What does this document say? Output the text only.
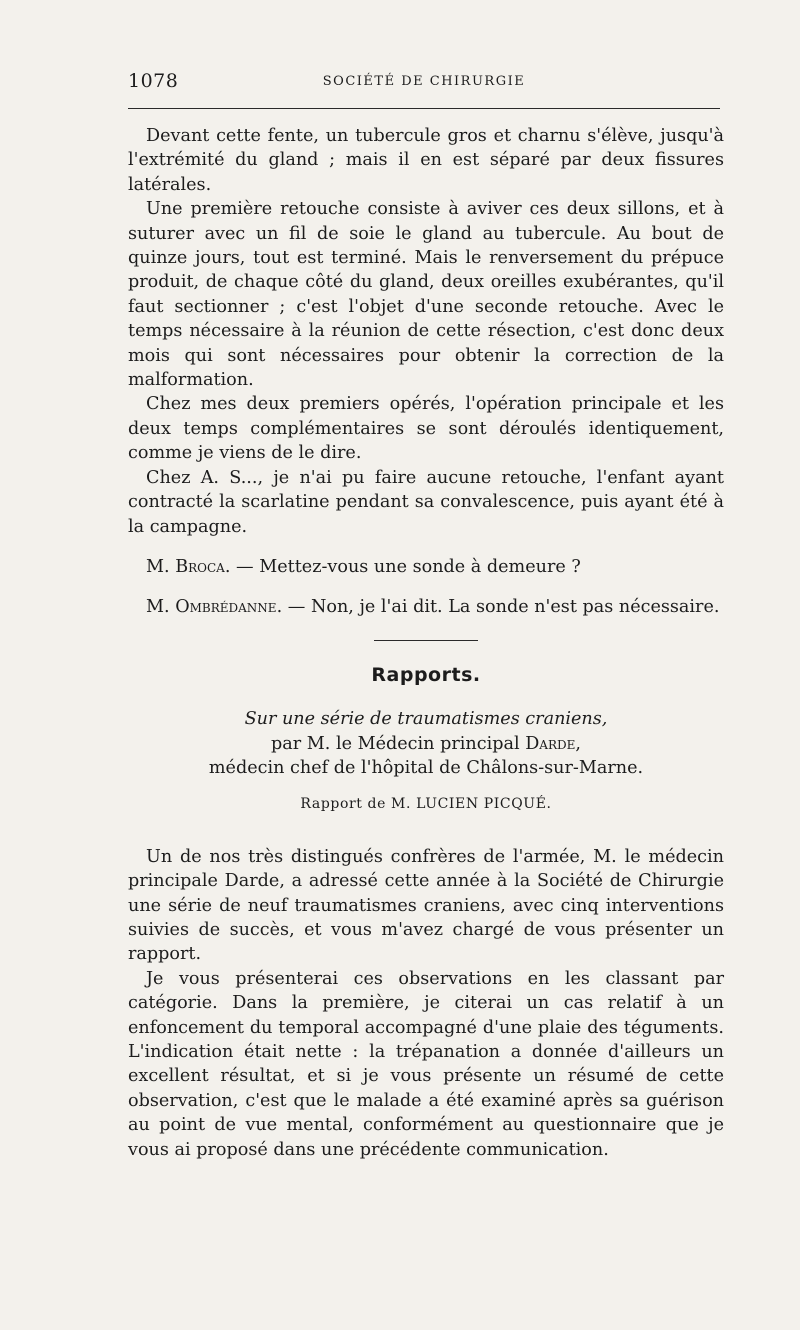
1078	SOCIÉTÉ DE CHIRURGIE

Devant cette fente, un tubercule gros et charnu s'élève, jusqu'à l'extrémité du gland ; mais il en est séparé par deux fissures latérales.

Une première retouche consiste à aviver ces deux sillons, et à suturer avec un fil de soie le gland au tubercule. Au bout de quinze jours, tout est terminé. Mais le renversement du prépuce produit, de chaque côté du gland, deux oreilles exubérantes, qu'il faut sectionner ; c'est l'objet d'une seconde retouche. Avec le temps nécessaire à la réunion de cette résection, c'est donc deux mois qui sont nécessaires pour obtenir la correction de la malformation.

Chez mes deux premiers opérés, l'opération principale et les deux temps complémentaires se sont déroulés identiquement, comme je viens de le dire.

Chez A. S..., je n'ai pu faire aucune retouche, l'enfant ayant contracté la scarlatine pendant sa convalescence, puis ayant été à la campagne.

M. Broca. — Mettez-vous une sonde à demeure ?

M. Ombrédanne. — Non, je l'ai dit. La sonde n'est pas nécessaire.

Rapports.
Sur une série de traumatismes craniens,
par M. le Médecin principal Darde,
médecin chef de l'hôpital de Châlons-sur-Marne.
Rapport de M. LUCIEN PICQUÉ.

Un de nos très distingués confrères de l'armée, M. le médecin principale Darde, a adressé cette année à la Société de Chirurgie une série de neuf traumatismes craniens, avec cinq interventions suivies de succès, et vous m'avez chargé de vous présenter un rapport.

Je vous présenterai ces observations en les classant par catégorie. Dans la première, je citerai un cas relatif à un enfoncement du temporal accompagné d'une plaie des téguments. L'indication était nette : la trépanation a donnée d'ailleurs un excellent résultat, et si je vous présente un résumé de cette observation, c'est que le malade a été examiné après sa guérison au point de vue mental, conformément au questionnaire que je vous ai proposé dans une précédente communication.
